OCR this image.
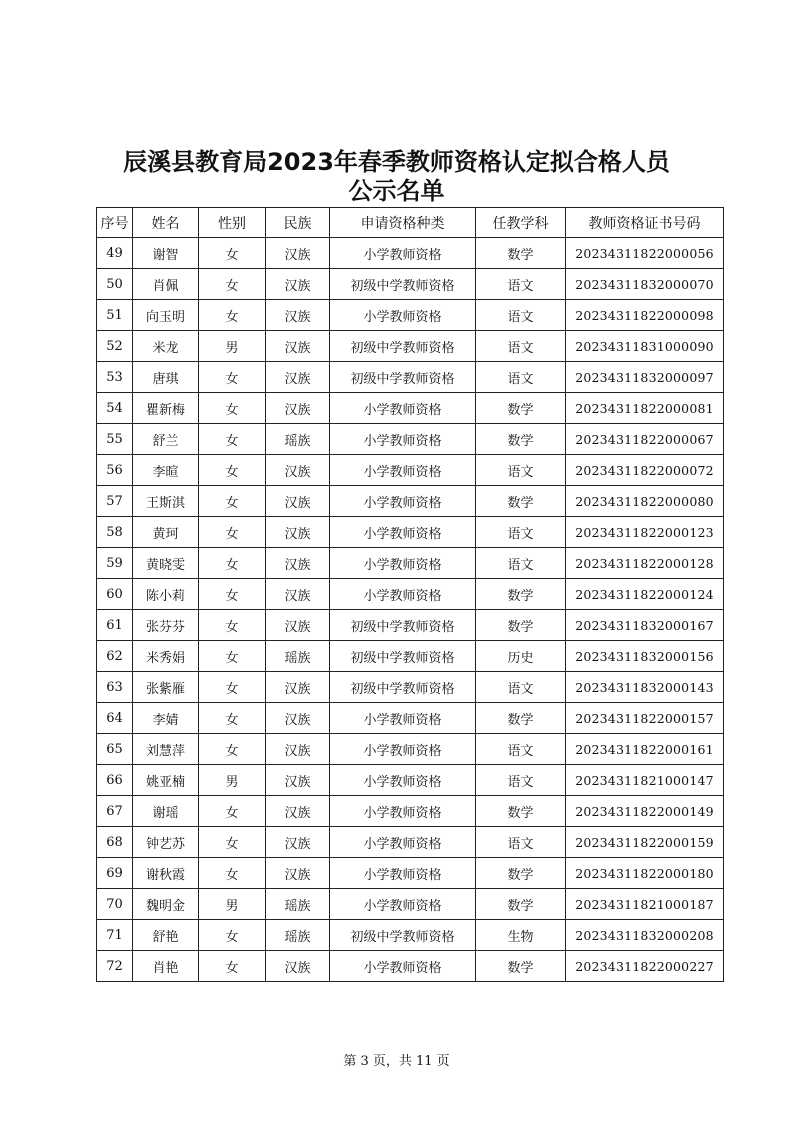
辰溪县教育局2023年春季教师资格认定拟合格人员
公示名单
序号	姓名	性别	民族	申请资格种类	任教学科	教师资格证书号码
49	谢智	女	汉族	小学教师资格	数学	20234311822000056
50	肖佩	女	汉族	初级中学教师资格	语文	20234311832000070
51	向玉明	女	汉族	小学教师资格	语文	20234311822000098
52	米龙	男	汉族	初级中学教师资格	语文	20234311831000090
53	唐琪	女	汉族	初级中学教师资格	语文	20234311832000097
54	瞿新梅	女	汉族	小学教师资格	数学	20234311822000081
55	舒兰	女	瑶族	小学教师资格	数学	20234311822000067
56	李暄	女	汉族	小学教师资格	语文	20234311822000072
57	王斯淇	女	汉族	小学教师资格	数学	20234311822000080
58	黄珂	女	汉族	小学教师资格	语文	20234311822000123
59	黄晓雯	女	汉族	小学教师资格	语文	20234311822000128
60	陈小莉	女	汉族	小学教师资格	数学	20234311822000124
61	张芬芬	女	汉族	初级中学教师资格	数学	20234311832000167
62	米秀娟	女	瑶族	初级中学教师资格	历史	20234311832000156
63	张紫雁	女	汉族	初级中学教师资格	语文	20234311832000143
64	李婧	女	汉族	小学教师资格	数学	20234311822000157
65	刘慧萍	女	汉族	小学教师资格	语文	20234311822000161
66	姚亚楠	男	汉族	小学教师资格	语文	20234311821000147
67	谢瑶	女	汉族	小学教师资格	数学	20234311822000149
68	钟艺苏	女	汉族	小学教师资格	语文	20234311822000159
69	谢秋霞	女	汉族	小学教师资格	数学	20234311822000180
70	魏明金	男	瑶族	小学教师资格	数学	20234311821000187
71	舒艳	女	瑶族	初级中学教师资格	生物	20234311832000208
72	肖艳	女	汉族	小学教师资格	数学	20234311822000227
第 3 页，共 11 页
